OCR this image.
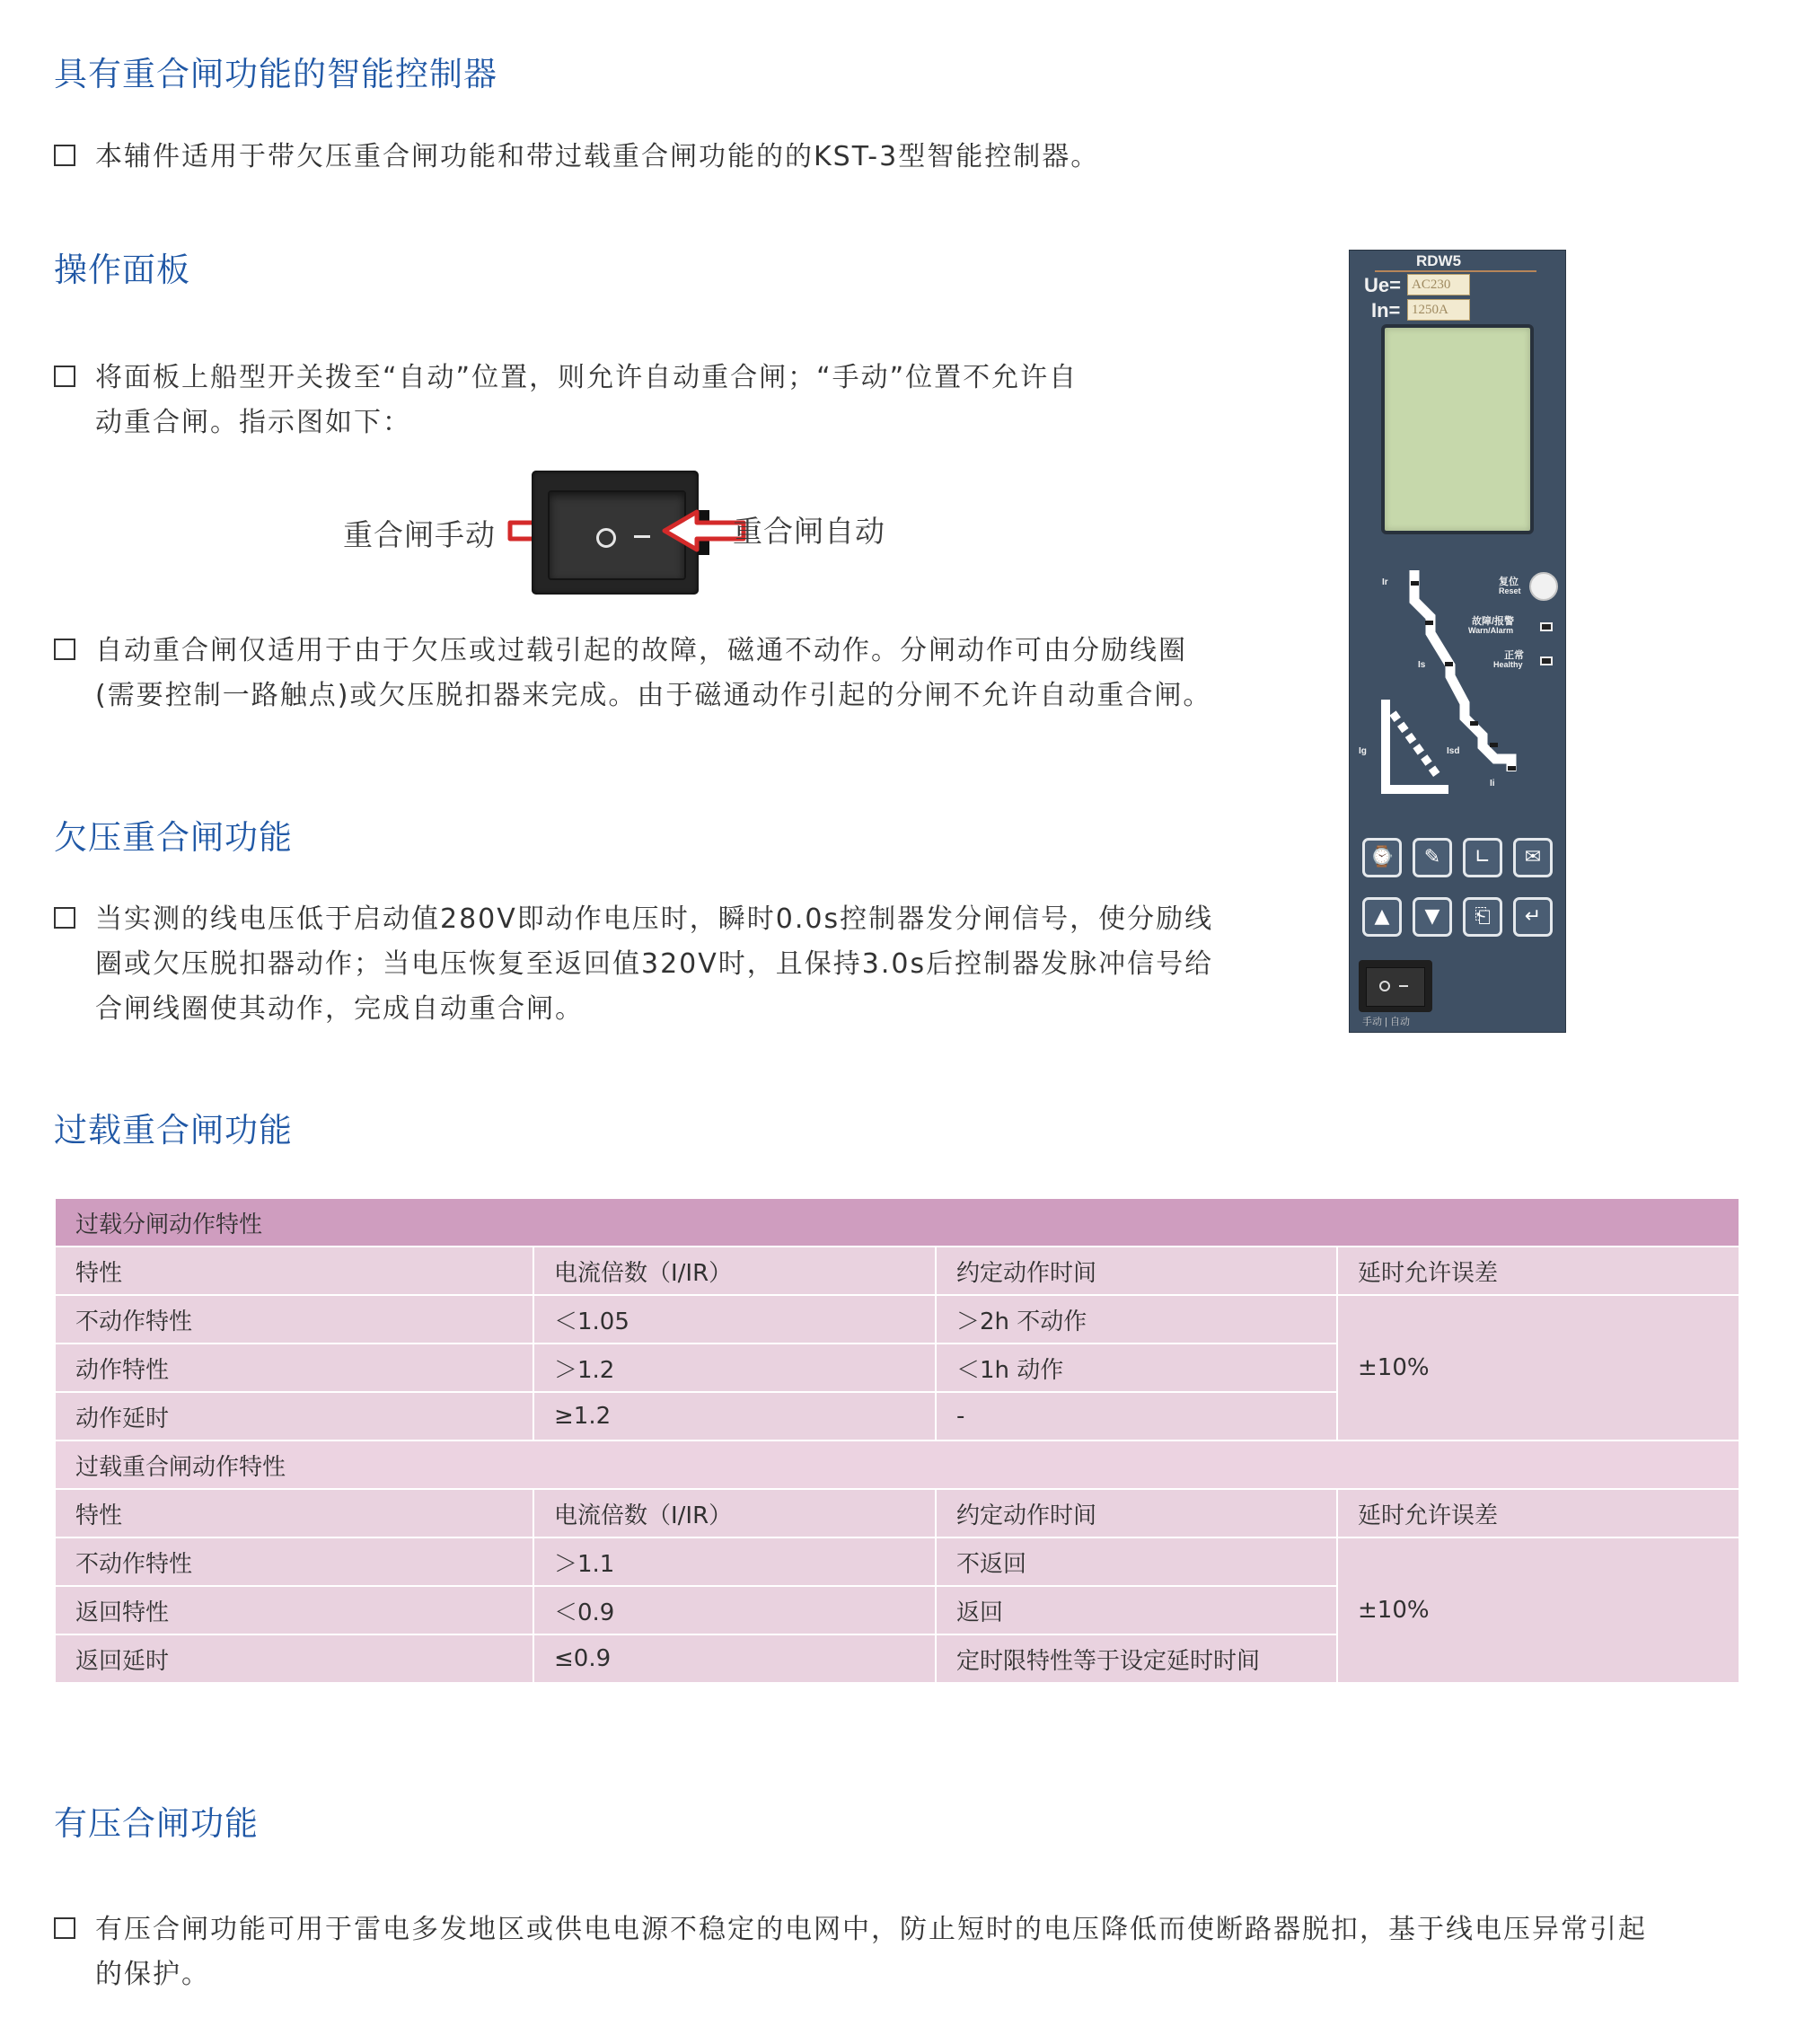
具有重合闸功能的智能控制器
本辅件适用于带欠压重合闸功能和带过载重合闸功能的的KST-3型智能控制器。
操作面板
将面板上船型开关拨至“自动”位置，则允许自动重合闸；“手动”位置不允许自
动重合闸。指示图如下：
重合闸手动	重合闸自动
自动重合闸仅适用于由于欠压或过载引起的故障，磁通不动作。分闸动作可由分励线圈
(需要控制一路触点)或欠压脱扣器来完成。由于磁通动作引起的分闸不允许自动重合闸。
欠压重合闸功能
当实测的线电压低于启动值280V即动作电压时，瞬时0.0s控制器发分闸信号，使分励线
圈或欠压脱扣器动作；当电压恢复至返回值320V时，且保持3.0s后控制器发脉冲信号给
合闸线圈使其动作，完成自动重合闸。
RDW5
Ue= AC230
In= 1250A
Ir
Is
Ig	Isd
Ii
复位
Reset
故障/报警
Warn/Alarm
正常
Healthy
⌚	✎	∟	✉
▲	▼	⎗	↵
手动 | 自动
过载重合闸功能
过载分闸动作特性			
特性	电流倍数（I/IR）	约定动作时间	延时允许误差
不动作特性	＜1.05	＞2h 不动作	±10%
动作特性	＞1.2	＜1h 动作	
动作延时	≥1.2	-	
过载重合闸动作特性			
特性	电流倍数（I/IR）	约定动作时间	延时允许误差
不动作特性	＞1.1	不返回	±10%
返回特性	＜0.9	返回	
返回延时	≤0.9	定时限特性等于设定延时时间	
有压合闸功能
有压合闸功能可用于雷电多发地区或供电电源不稳定的电网中，防止短时的电压降低而使断路器脱扣，基于线电压异常引起
的保护。
